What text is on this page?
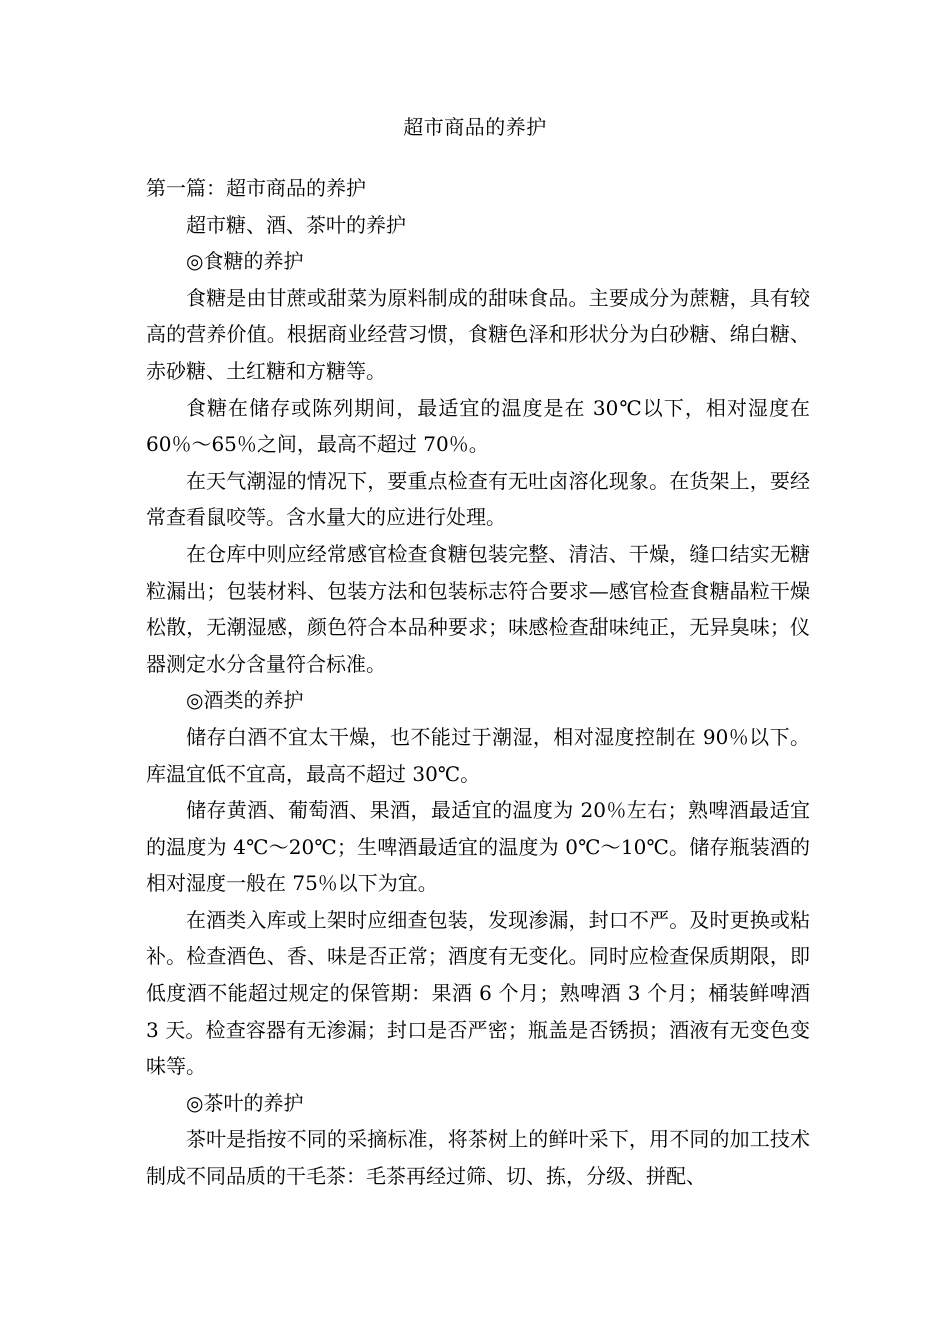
超市商品的养护

第一篇：超市商品的养护

超市糖、酒、茶叶的养护

◎食糖的养护

食糖是由甘蔗或甜菜为原料制成的甜味食品。主要成分为蔗糖，具有较高的营养价值。根据商业经营习惯，食糖色泽和形状分为白砂糖、绵白糖、赤砂糖、土红糖和方糖等。

食糖在储存或陈列期间，最适宜的温度是在 30℃以下，相对湿度在 60％～65％之间，最高不超过 70％。

在天气潮湿的情况下，要重点检查有无吐卤溶化现象。在货架上，要经常查看鼠咬等。含水量大的应进行处理。

在仓库中则应经常感官检查食糖包装完整、清洁、干燥，缝口结实无糖粒漏出；包装材料、包装方法和包装标志符合要求—感官检查食糖晶粒干燥松散，无潮湿感，颜色符合本品种要求；味感检查甜味纯正，无异臭味；仪器测定水分含量符合标准。

◎酒类的养护

储存白酒不宜太干燥，也不能过于潮湿，相对湿度控制在 90％以下。库温宜低不宜高，最高不超过 30℃。

储存黄酒、葡萄酒、果酒，最适宜的温度为 20％左右；熟啤酒最适宜的温度为 4℃～20℃；生啤酒最适宜的温度为 0℃～10℃。储存瓶装酒的相对湿度一般在 75％以下为宜。

在酒类入库或上架时应细查包装，发现渗漏，封口不严。及时更换或粘补。检查酒色、香、味是否正常；酒度有无变化。同时应检查保质期限，即低度酒不能超过规定的保管期：果酒 6 个月；熟啤酒 3 个月；桶装鲜啤酒 3 天。检查容器有无渗漏；封口是否严密；瓶盖是否锈损；酒液有无变色变味等。

◎茶叶的养护

茶叶是指按不同的采摘标准，将茶树上的鲜叶采下，用不同的加工技术制成不同品质的干毛茶：毛茶再经过筛、切、拣，分级、拼配、
